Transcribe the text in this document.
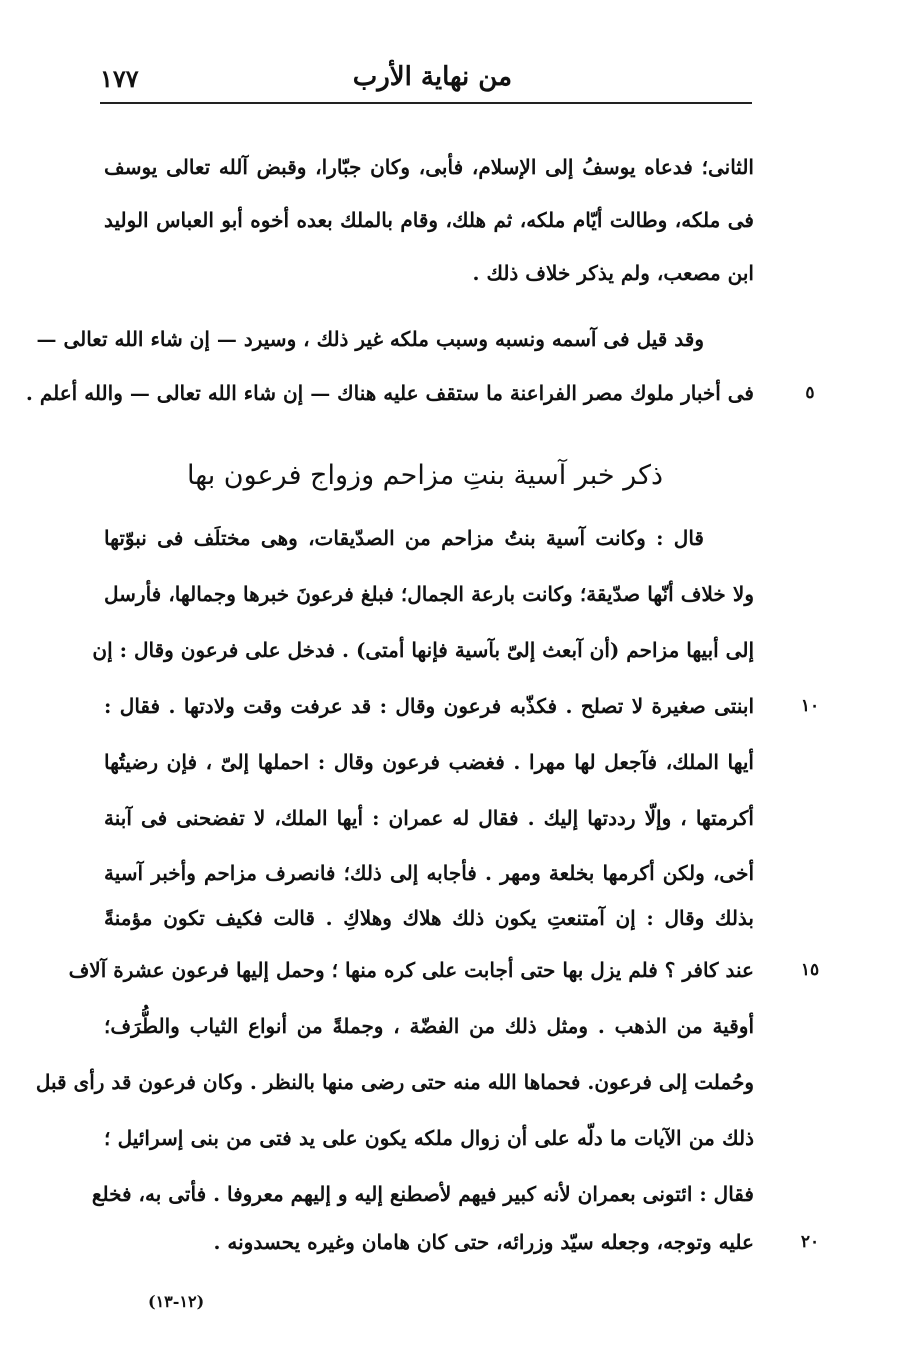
من نهاية الأرب
١٧٧
الثانى؛ فدعاه يوسفُ إلى الإسلام، فأبى، وكان جبّارا، وقبض آلله تعالى يوسف
فى ملكه، وطالت أيّام ملكه، ثم هلك، وقام بالملك بعده أخوه أبو العباس الوليد
ابن مصعب، ولم يذكر خلاف ذلك .
وقد قيل فى آسمه ونسبه وسبب ملكه غير ذلك ، وسيرد — إن شاء الله تعالى —
فى أخبار ملوك مصر الفراعنة ما ستقف عليه هناك — إن شاء الله تعالى — والله أعلم .
ذكر خبر آسية بنتِ مزاحم وزواج فرعون بها
قال : وكانت آسية بنتُ مزاحم من الصدّيقات، وهى مختلَف فى نبوّتها
ولا خلاف أنّها صدّيقة؛ وكانت بارعة الجمال؛ فبلغ فرعونَ خبرها وجمالها، فأرسل
إلى أبيها مزاحم (أن آبعث إلىّ بآسية فإنها أمتى) . فدخل على فرعون وقال : إن
ابنتى صغيرة لا تصلح . فكذّبه فرعون وقال : قد عرفت وقت ولادتها . فقال :
أيها الملك، فآجعل لها مهرا . فغضب فرعون وقال : احملها إلىّ ، فإن رضيتُها
أكرمتها ، وإلّا رددتها إليك . فقال له عمران : أيها الملك، لا تفضحنى فى آبنة
أخى، ولكن أكرمها بخلعة ومهر . فأجابه إلى ذلك؛ فانصرف مزاحم وأخبر آسية
بذلك وقال : إن آمتنعتِ يكون ذلك هلاك وهلاكِ . قالت فكيف تكون مؤمنةً
عند كافر ؟ فلم يزل بها حتى أجابت على كره منها ؛ وحمل إليها فرعون عشرة آلاف
أوقية من الذهب . ومثل ذلك من الفضّة ، وجملةً من أنواع الثياب والطُّرَف؛
وحُملت إلى فرعون. فحماها الله منه حتى رضى منها بالنظر . وكان فرعون قد رأى قبل
ذلك من الآيات ما دلّه على أن زوال ملكه يكون على يد فتى من بنى إسرائيل ؛
فقال : ائتونى بعمران لأنه كبير فيهم لأصطنع إليه و إليهم معروفا . فأتى به، فخلع
عليه وتوجه، وجعله سيّد وزرائه، حتى كان هامان وغيره يحسدونه .
٥
١٠
١٥
٢٠
(١٢-١٣)
